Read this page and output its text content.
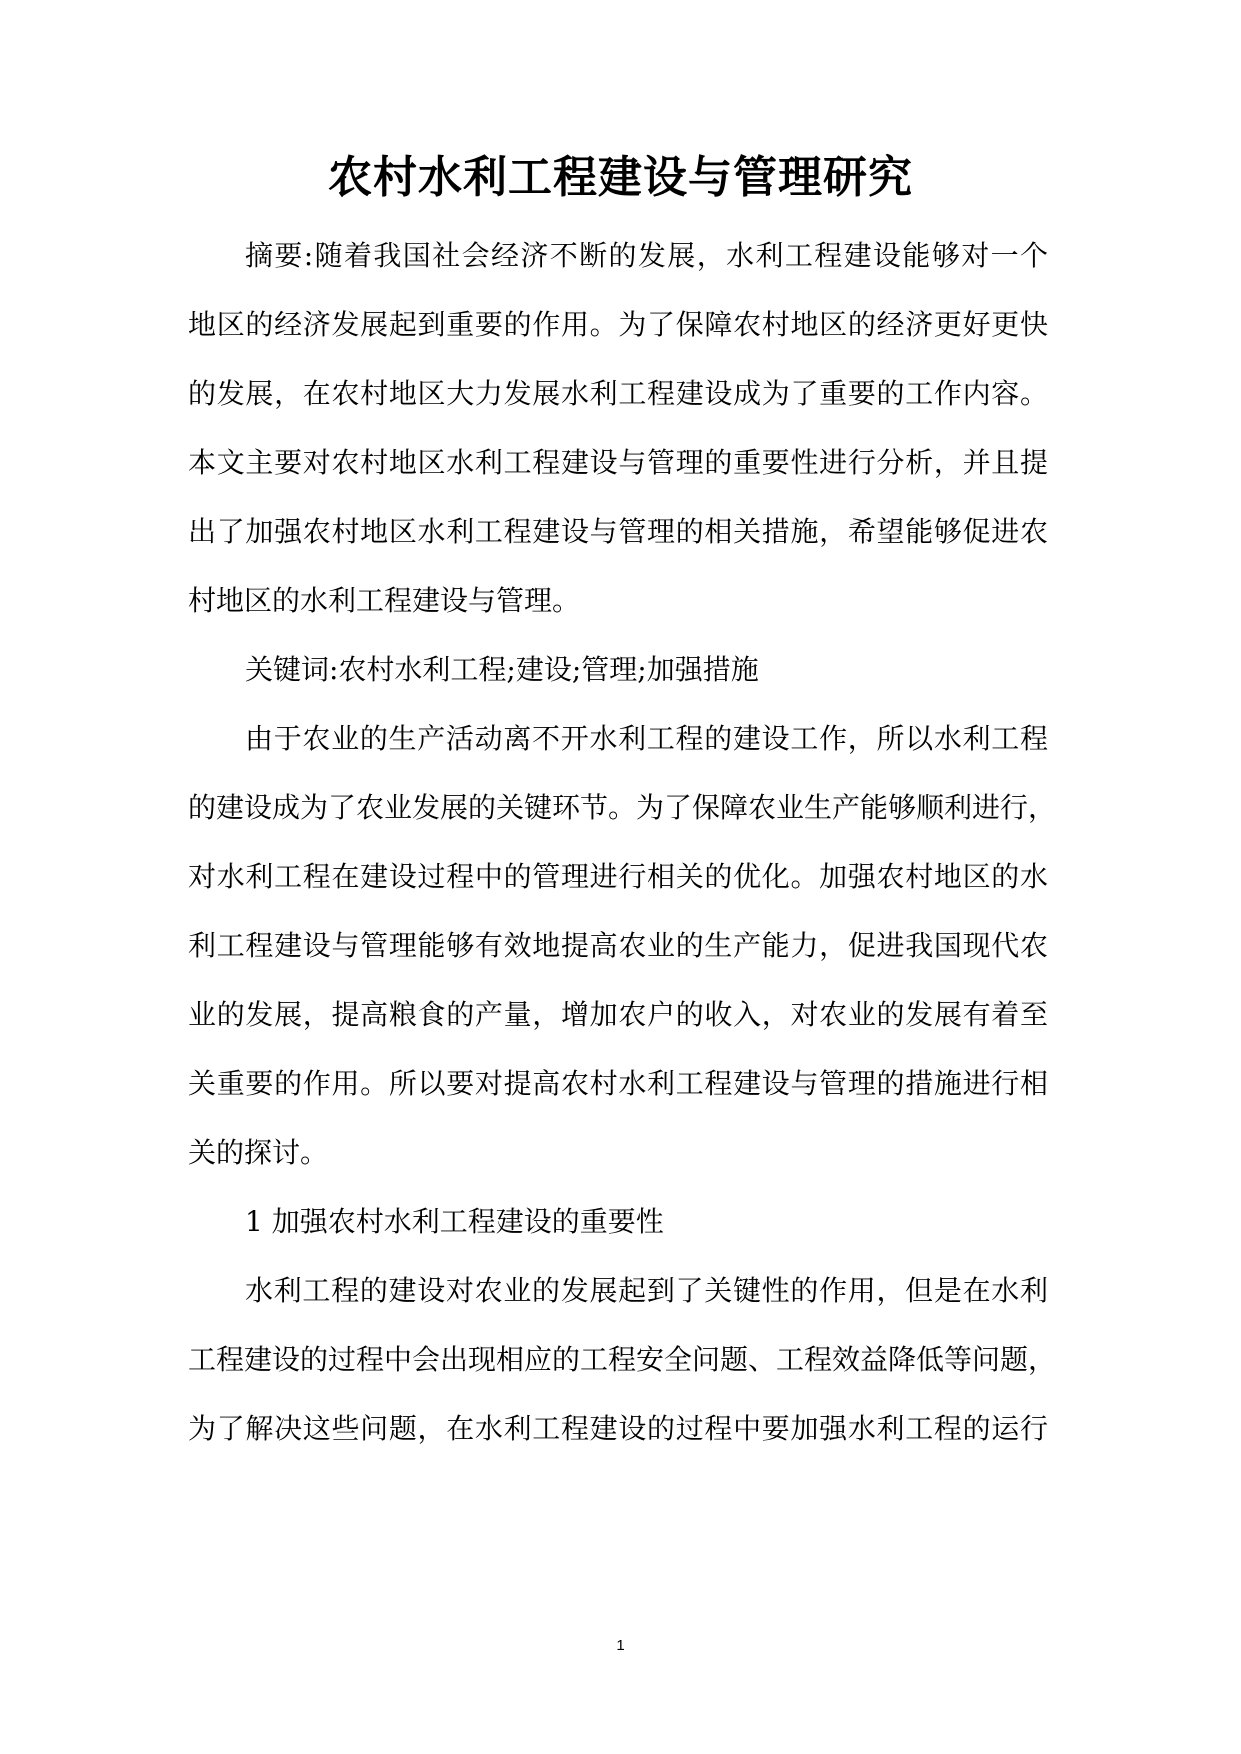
农村水利工程建设与管理研究

摘要:随着我国社会经济不断的发展，水利工程建设能够对一个

地区的经济发展起到重要的作用。为了保障农村地区的经济更好更快

的发展，在农村地区大力发展水利工程建设成为了重要的工作内容。

本文主要对农村地区水利工程建设与管理的重要性进行分析，并且提

出了加强农村地区水利工程建设与管理的相关措施，希望能够促进农

村地区的水利工程建设与管理。

关键词:农村水利工程;建设;管理;加强措施

由于农业的生产活动离不开水利工程的建设工作，所以水利工程

的建设成为了农业发展的关键环节。为了保障农业生产能够顺利进行，

对水利工程在建设过程中的管理进行相关的优化。加强农村地区的水

利工程建设与管理能够有效地提高农业的生产能力，促进我国现代农

业的发展，提高粮食的产量，增加农户的收入，对农业的发展有着至

关重要的作用。所以要对提高农村水利工程建设与管理的措施进行相

关的探讨。

1 加强农村水利工程建设的重要性

水利工程的建设对农业的发展起到了关键性的作用，但是在水利

工程建设的过程中会出现相应的工程安全问题、工程效益降低等问题，

为了解决这些问题，在水利工程建设的过程中要加强水利工程的运行

1
